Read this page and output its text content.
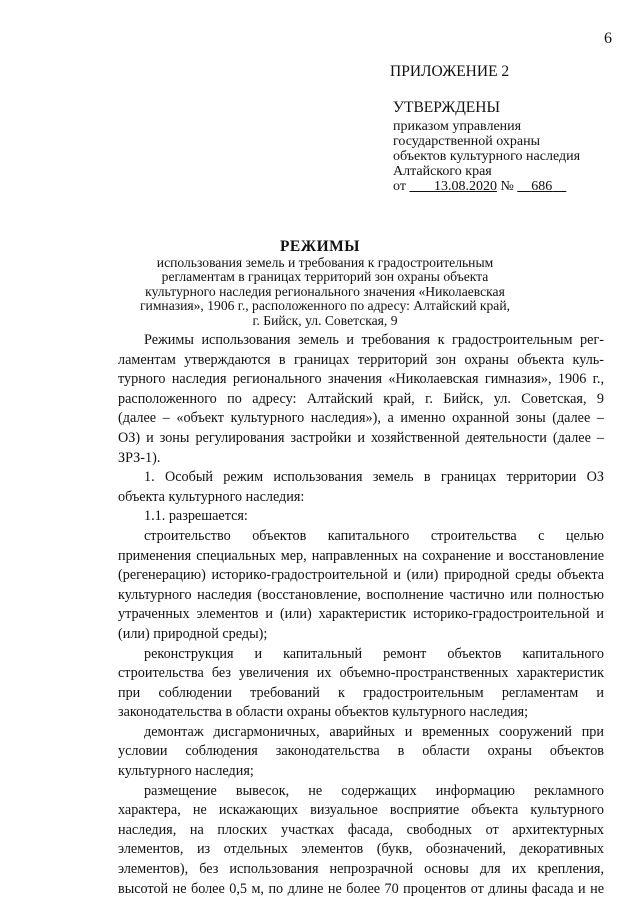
6
ПРИЛОЖЕНИЕ 2
УТВЕРЖДЕНЫ
приказом управления
государственной охраны
объектов культурного наследия
Алтайского края
от 13.08.2020 № 686
РЕЖИМЫ
использования земель и требования к градостроительным
регламентам в границах территорий зон охраны объекта
культурного наследия регионального значения «Николаевская
гимназия», 1906 г., расположенного по адресу: Алтайский край,
г. Бийск, ул. Советская, 9

Режимы использования земель и требования к градостроительным рег-
ламентам утверждаются в границах территорий зон охраны объекта куль-
турного наследия регионального значения «Николаевская гимназия», 1906 г.,
расположенного по адресу: Алтайский край, г. Бийск, ул. Советская, 9
(далее – «объект культурного наследия»), а именно охранной зоны (далее –
ОЗ) и зоны регулирования застройки и хозяйственной деятельности (далее –
ЗРЗ-1).

1. Особый режим использования земель в границах территории ОЗ
объекта культурного наследия:

1.1. разрешается:

строительство объектов капитального строительства с целью
применения специальных мер, направленных на сохранение и восстановление
(регенерацию) историко-градостроительной и (или) природной среды объекта
культурного наследия (восстановление, восполнение частично или полностью
утраченных элементов и (или) характеристик историко-градостроительной и
(или) природной среды);

реконструкция и капитальный ремонт объектов капитального
строительства без увеличения их объемно-пространственных характеристик
при соблюдении требований к градостроительным регламентам и
законодательства в области охраны объектов культурного наследия;

демонтаж дисгармоничных, аварийных и временных сооружений при
условии соблюдения законодательства в области охраны объектов
культурного наследия;

размещение вывесок, не содержащих информацию рекламного
характера, не искажающих визуальное восприятие объекта культурного
наследия, на плоских участках фасада, свободных от архитектурных
элементов, из отдельных элементов (букв, обозначений, декоративных
элементов), без использования непрозрачной основы для их крепления,
высотой не более 0,5 м, по длине не более 70 процентов от длины фасада и не
